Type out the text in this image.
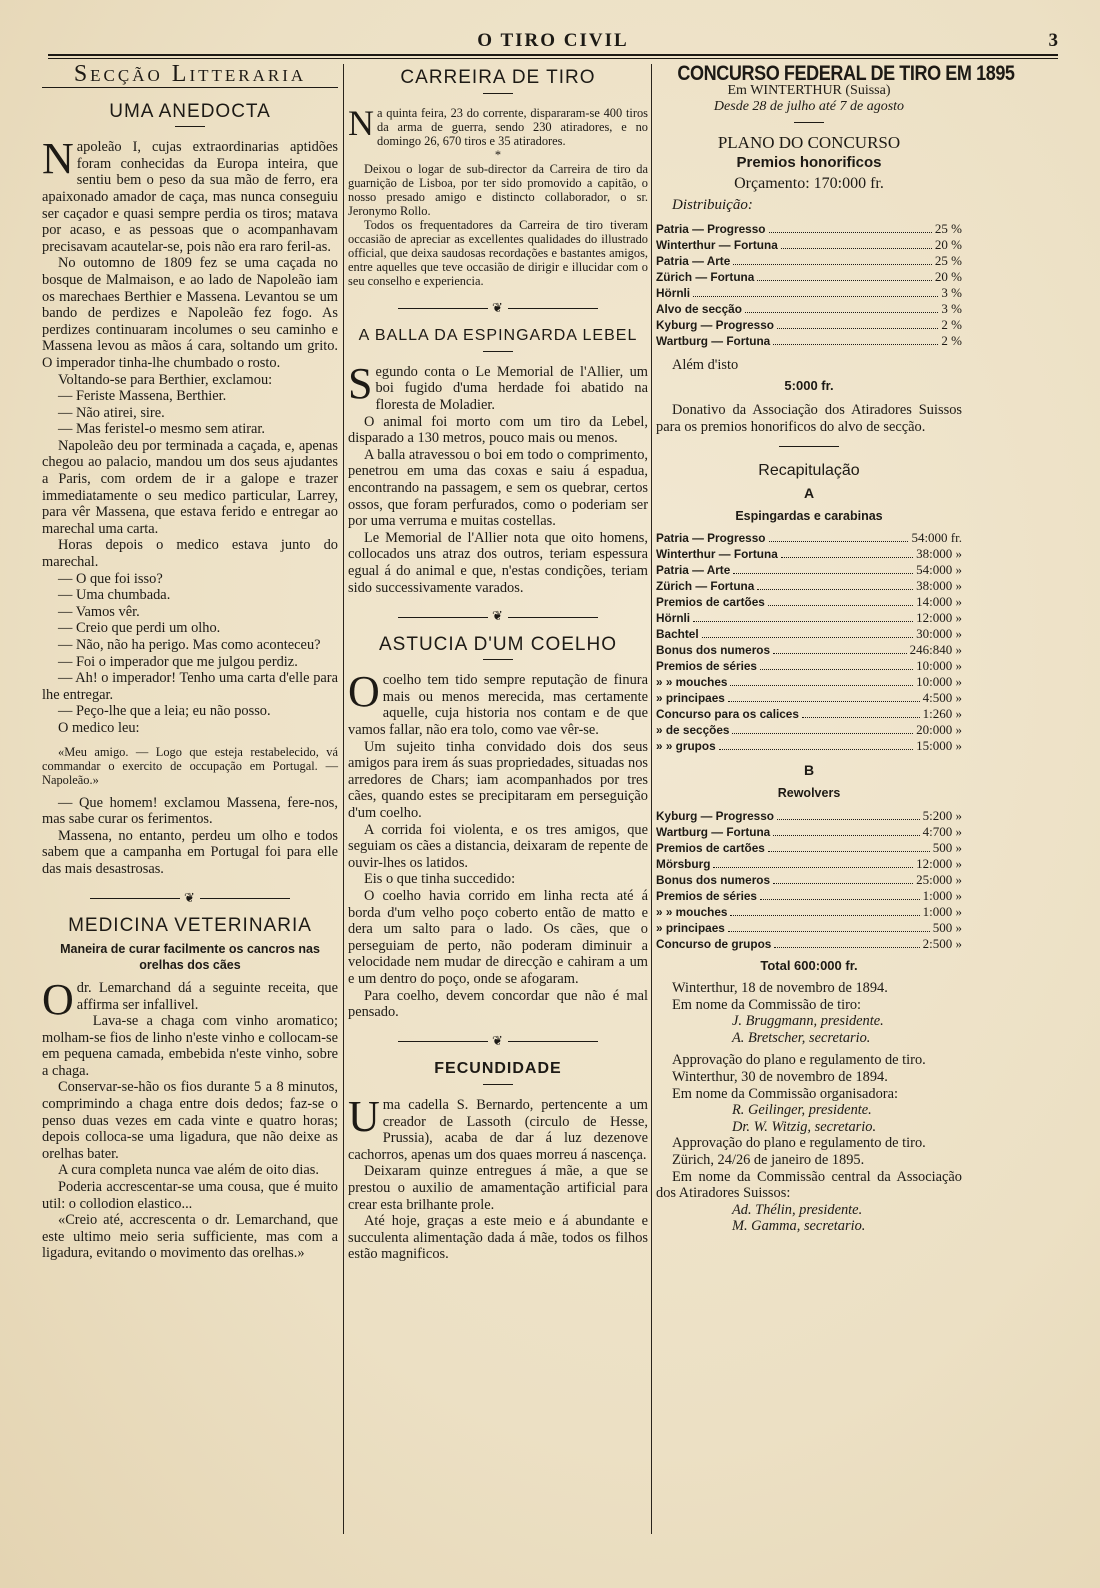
O TIRO CIVIL	3
Secção Litteraria
UMA ANEDOCTA

Napoleão I, cujas extraordinarias aptidões foram conhecidas da Europa inteira, que sentiu bem o peso da sua mão de ferro, era apaixonado amador de caça, mas nunca conseguiu ser caçador e quasi sempre perdia os tiros; matava por acaso, e as pessoas que o acompanhavam precisavam acautelar-se, pois não era raro feril-as.

No outomno de 1809 fez se uma caçada no bosque de Malmaison, e ao lado de Napoleão iam os marechaes Berthier e Massena. Levantou se um bando de perdizes e Napoleão fez fogo. As perdizes continuaram incolumes o seu caminho e Massena levou as mãos á cara, soltando um grito. O imperador tinha-lhe chumbado o rosto.

Voltando-se para Berthier, exclamou:

— Feriste Massena, Berthier.

— Não atirei, sire.

— Mas feristel-o mesmo sem atirar.

Napoleão deu por terminada a caçada, e, apenas chegou ao palacio, mandou um dos seus ajudantes a Paris, com ordem de ir a galope e trazer immediatamente o seu medico particular, Larrey, para vêr Massena, que estava ferido e entregar ao marechal uma carta.

Horas depois o medico estava junto do marechal.

— O que foi isso?

— Uma chumbada.

— Vamos vêr.

— Creio que perdi um olho.

— Não, não ha perigo. Mas como aconteceu?

— Foi o imperador que me julgou perdiz.

— Ah! o imperador! Tenho uma carta d'elle para lhe entregar.

— Peço-lhe que a leia; eu não posso.

O medico leu:

«Meu amigo. — Logo que esteja restabelecido, vá commandar o exercito de occupação em Portugal. — Napoleão.»

— Que homem! exclamou Massena, fere-nos, mas sabe curar os ferimentos.

Massena, no entanto, perdeu um olho e todos sabem que a campanha em Portugal foi para elle das mais desastrosas.

❦
MEDICINA VETERINARIA
Maneira de curar facilmente os cancros nas orelhas dos cães

Odr. Lemarchand dá a seguinte receita, que affirma ser infallivel.

Lava-se a chaga com vinho aromatico; molham-se fios de linho n'este vinho e collocam-se em pequena camada, embebida n'este vinho, sobre a chaga.

Conservar-se-hão os fios durante 5 a 8 minutos, comprimindo a chaga entre dois dedos; faz-se o penso duas vezes em cada vinte e quatro horas; depois colloca-se uma ligadura, que não deixe as orelhas bater.

A cura completa nunca vae além de oito dias.

Poderia accrescentar-se uma cousa, que é muito util: o collodion elastico...

«Creio até, accrescenta o dr. Lemarchand, que este ultimo meio seria sufficiente, mas com a ligadura, evitando o movimento das orelhas.»

CARREIRA DE TIRO

Na quinta feira, 23 do corrente, dispararam-se 400 tiros da arma de guerra, sendo 230 atiradores, e no domingo 26, 670 tiros e 35 atiradores.

*

Deixou o logar de sub-director da Carreira de tiro da guarnição de Lisboa, por ter sido promovido a capitão, o nosso presado amigo e distincto collaborador, o sr. Jeronymo Rollo.

Todos os frequentadores da Carreira de tiro tiveram occasião de apreciar as excellentes qualidades do illustrado official, que deixa saudosas recordações e bastantes amigos, entre aquelles que teve occasião de dirigir e illucidar com o seu conselho e experiencia.

❦
A BALLA DA ESPINGARDA LEBEL

Segundo conta o Le Memorial de l'Allier, um boi fugido d'uma herdade foi abatido na floresta de Moladier.

O animal foi morto com um tiro da Lebel, disparado a 130 metros, pouco mais ou menos.

A balla atravessou o boi em todo o comprimento, penetrou em uma das coxas e saiu á espadua, encontrando na passagem, e sem os quebrar, certos ossos, que foram perfurados, como o poderiam ser por uma verruma e muitas costellas.

Le Memorial de l'Allier nota que oito homens, collocados uns atraz dos outros, teriam espessura egual á do animal e que, n'estas condições, teriam sido successivamente varados.

❦
ASTUCIA D'UM COELHO

Ocoelho tem tido sempre reputação de finura mais ou menos merecida, mas certamente aquelle, cuja historia nos contam e de que vamos fallar, não era tolo, como vae vêr-se.

Um sujeito tinha convidado dois dos seus amigos para irem ás suas propriedades, situadas nos arredores de Chars; iam acompanhados por tres cães, quando estes se precipitaram em perseguição d'um coelho.

A corrida foi violenta, e os tres amigos, que seguiam os cães a distancia, deixaram de repente de ouvir-lhes os latidos.

Eis o que tinha succedido:

O coelho havia corrido em linha recta até á borda d'um velho poço coberto então de matto e dera um salto para o lado. Os cães, que o perseguiam de perto, não poderam diminuir a velocidade nem mudar de direcção e cahiram a um e um dentro do poço, onde se afogaram.

Para coelho, devem concordar que não é mal pensado.

❦
FECUNDIDADE

Uma cadella S. Bernardo, pertencente a um creador de Lassoth (circulo de Hesse, Prussia), acaba de dar á luz dezenove cachorros, apenas um dos quaes morreu á nascença.

Deixaram quinze entregues á mãe, a que se prestou o auxilio de amamentação artificial para crear esta brilhante prole.

Até hoje, graças a este meio e á abundante e succulenta alimentação dada á mãe, todos os filhos estão magnificos.

CONCURSO FEDERAL DE TIRO EM 1895
Em WINTERTHUR (Suissa)
Desde 28 de julho até 7 de agosto
PLANO DO CONCURSO
Premios honorificos
Orçamento: 170:000 fr.
Distribuição:
Patria — Progresso	25 %
Winterthur — Fortuna	20 %
Patria — Arte	25 %
Zürich — Fortuna	20 %
Hörnli	3 %
Alvo de secção	3 %
Kyburg — Progresso	2 %
Wartburg — Fortuna	2 %

Além d'isto

5:000 fr.

Donativo da Associação dos Atiradores Suissos para os premios honorificos do alvo de secção.

Recapitulação
A
Espingardas e carabinas
Patria — Progresso	54:000 fr.
Winterthur — Fortuna	38:000 »
Patria — Arte	54:000 »
Zürich — Fortuna	38:000 »
Premios de cartões	14:000 »
Hörnli	12:000 »
Bachtel	30:000 »
Bonus dos numeros	246:840 »
Premios de séries	10:000 »
» » mouches	10:000 »
» principaes	4:500 »
Concurso para os calices	1:260 »
» de secções	20:000 »
» » grupos	15:000 »
B
Rewolvers
Kyburg — Progresso	5:200 »
Wartburg — Fortuna	4:700 »
Premios de cartões	500 »
Mörsburg	12:000 »
Bonus dos numeros	25:000 »
Premios de séries	1:000 »
» » mouches	1:000 »
» principaes	500 »
Concurso de grupos	2:500 »
Total 600:000 fr.

Winterthur, 18 de novembro de 1894.

Em nome da Commissão de tiro:

J. Bruggmann, presidente.
A. Bretscher, secretario.

Approvação do plano e regulamento de tiro.

Winterthur, 30 de novembro de 1894.

Em nome da Commissão organisadora:

R. Geilinger, presidente.
Dr. W. Witzig, secretario.

Approvação do plano e regulamento de tiro.

Zürich, 24/26 de janeiro de 1895.

Em nome da Commissão central da Associação dos Atiradores Suissos:

Ad. Thélin, presidente.
M. Gamma, secretario.
